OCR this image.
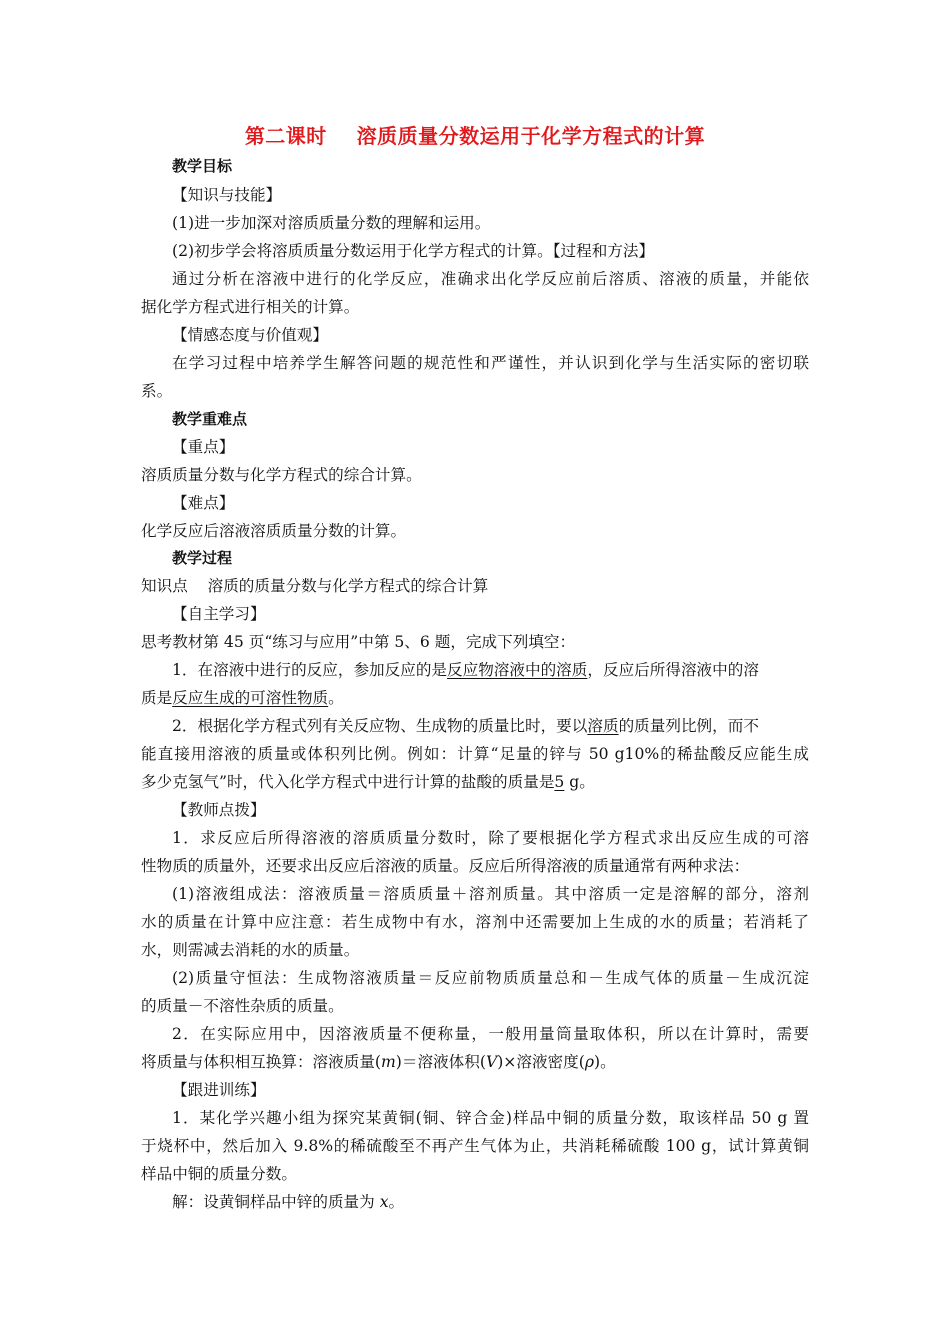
第二课时    溶质质量分数运用于化学方程式的计算
教学目标
【知识与技能】
(1)进一步加深对溶质质量分数的理解和运用。
(2)初步学会将溶质质量分数运用于化学方程式的计算。【过程和方法】
通过分析在溶液中进行的化学反应，准确求出化学反应前后溶质、溶液的质量，并能依
据化学方程式进行相关的计算。
【情感态度与价值观】
在学习过程中培养学生解答问题的规范性和严谨性，并认识到化学与生活实际的密切联
系。
教学重难点
【重点】
溶质质量分数与化学方程式的综合计算。
【难点】
化学反应后溶液溶质质量分数的计算。
教学过程
知识点    溶质的质量分数与化学方程式的综合计算
【自主学习】
思考教材第 45 页“练习与应用”中第 5、6 题，完成下列填空：
1．在溶液中进行的反应，参加反应的是反应物溶液中的溶质，反应后所得溶液中的溶
质是反应生成的可溶性物质。
2．根据化学方程式列有关反应物、生成物的质量比时，要以溶质的质量列比例，而不
能直接用溶液的质量或体积列比例。例如：计算“足量的锌与 50 g10%的稀盐酸反应能生成
多少克氢气”时，代入化学方程式中进行计算的盐酸的质量是5 g。
【教师点拨】
1．求反应后所得溶液的溶质质量分数时，除了要根据化学方程式求出反应生成的可溶
性物质的质量外，还要求出反应后溶液的质量。反应后所得溶液的质量通常有两种求法：
(1)溶液组成法：溶液质量＝溶质质量＋溶剂质量。其中溶质一定是溶解的部分，溶剂
水的质量在计算中应注意：若生成物中有水，溶剂中还需要加上生成的水的质量；若消耗了
水，则需减去消耗的水的质量。
(2)质量守恒法：生成物溶液质量＝反应前物质质量总和－生成气体的质量－生成沉淀
的质量－不溶性杂质的质量。
2．在实际应用中，因溶液质量不便称量，一般用量筒量取体积，所以在计算时，需要
将质量与体积相互换算：溶液质量(m)＝溶液体积(V)×溶液密度(ρ)。
【跟进训练】
1．某化学兴趣小组为探究某黄铜(铜、锌合金)样品中铜的质量分数，取该样品 50 g 置
于烧杯中，然后加入 9.8%的稀硫酸至不再产生气体为止，共消耗稀硫酸 100 g，试计算黄铜
样品中铜的质量分数。
解：设黄铜样品中锌的质量为 x。
